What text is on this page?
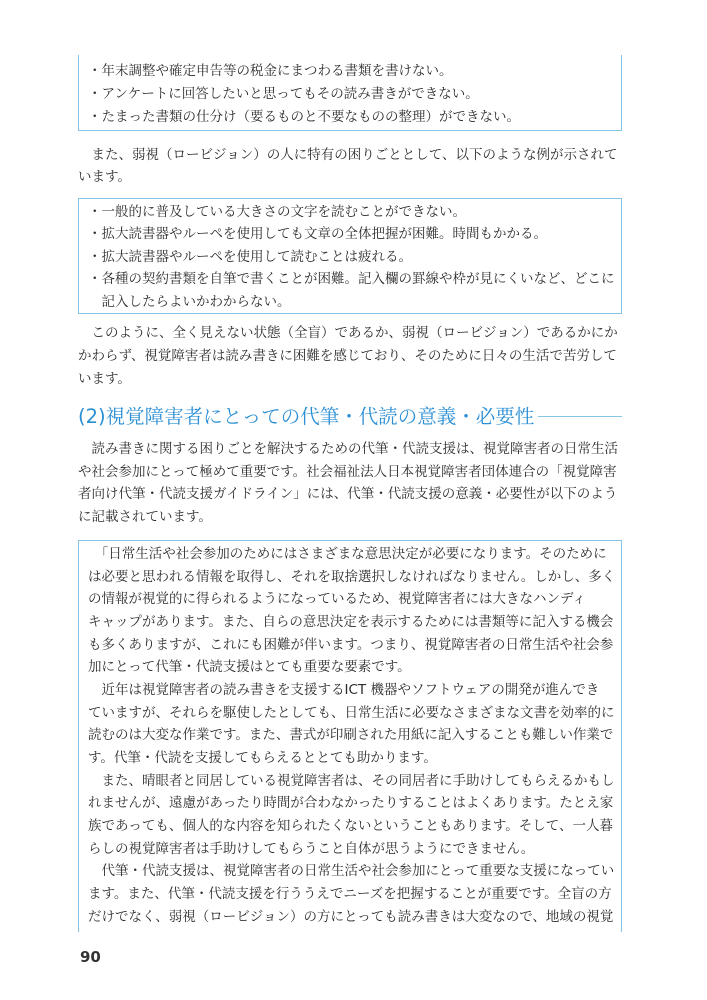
・年末調整や確定申告等の税金にまつわる書類を書けない。
・アンケートに回答したいと思ってもその読み書きができない。
・たまった書類の仕分け（要るものと不要なものの整理）ができない。
　また、弱視（ロービジョン）の人に特有の困りごととして、以下のような例が示されて
います。
・一般的に普及している大きさの文字を読むことができない。
・拡大読書器やルーペを使用しても文章の全体把握が困難。時間もかかる。
・拡大読書器やルーペを使用して読むことは疲れる。
・各種の契約書類を自筆で書くことが困難。記入欄の罫線や枠が見にくいなど、どこに
記入したらよいかわからない。
　このように、全く見えない状態（全盲）であるか、弱視（ロービジョン）であるかにか
かわらず、視覚障害者は読み書きに困難を感じており、そのために日々の生活で苦労して
います。
(2)視覚障害者にとっての代筆・代読の意義・必要性
　読み書きに関する困りごとを解決するための代筆・代読支援は、視覚障害者の日常生活
や社会参加にとって極めて重要です。社会福祉法人日本視覚障害者団体連合の「視覚障害
者向け代筆・代読支援ガイドライン」には、代筆・代読支援の意義・必要性が以下のよう
に記載されています。
　「日常生活や社会参加のためにはさまざまな意思決定が必要になります。そのために
は必要と思われる情報を取得し、それを取捨選択しなければなりません。しかし、多く
の情報が視覚的に得られるようになっているため、視覚障害者には大きなハンディ
キャップがあります。また、自らの意思決定を表示するためには書類等に記入する機会
も多くありますが、これにも困難が伴います。つまり、視覚障害者の日常生活や社会参
加にとって代筆・代読支援はとても重要な要素です。
　近年は視覚障害者の読み書きを支援するICT 機器やソフトウェアの開発が進んでき
ていますが、それらを駆使したとしても、日常生活に必要なさまざまな文書を効率的に
読むのは大変な作業です。また、書式が印刷された用紙に記入することも難しい作業で
す。代筆・代読を支援してもらえるととても助かります。
　また、晴眼者と同居している視覚障害者は、その同居者に手助けしてもらえるかもし
れませんが、遠慮があったり時間が合わなかったりすることはよくあります。たとえ家
族であっても、個人的な内容を知られたくないということもあります。そして、一人暮
らしの視覚障害者は手助けしてもらうこと自体が思うようにできません。
　代筆・代読支援は、視覚障害者の日常生活や社会参加にとって重要な支援になってい
ます。また、代筆・代読支援を行ううえでニーズを把握することが重要です。全盲の方
だけでなく、弱視（ロービジョン）の方にとっても読み書きは大変なので、地域の視覚
90
